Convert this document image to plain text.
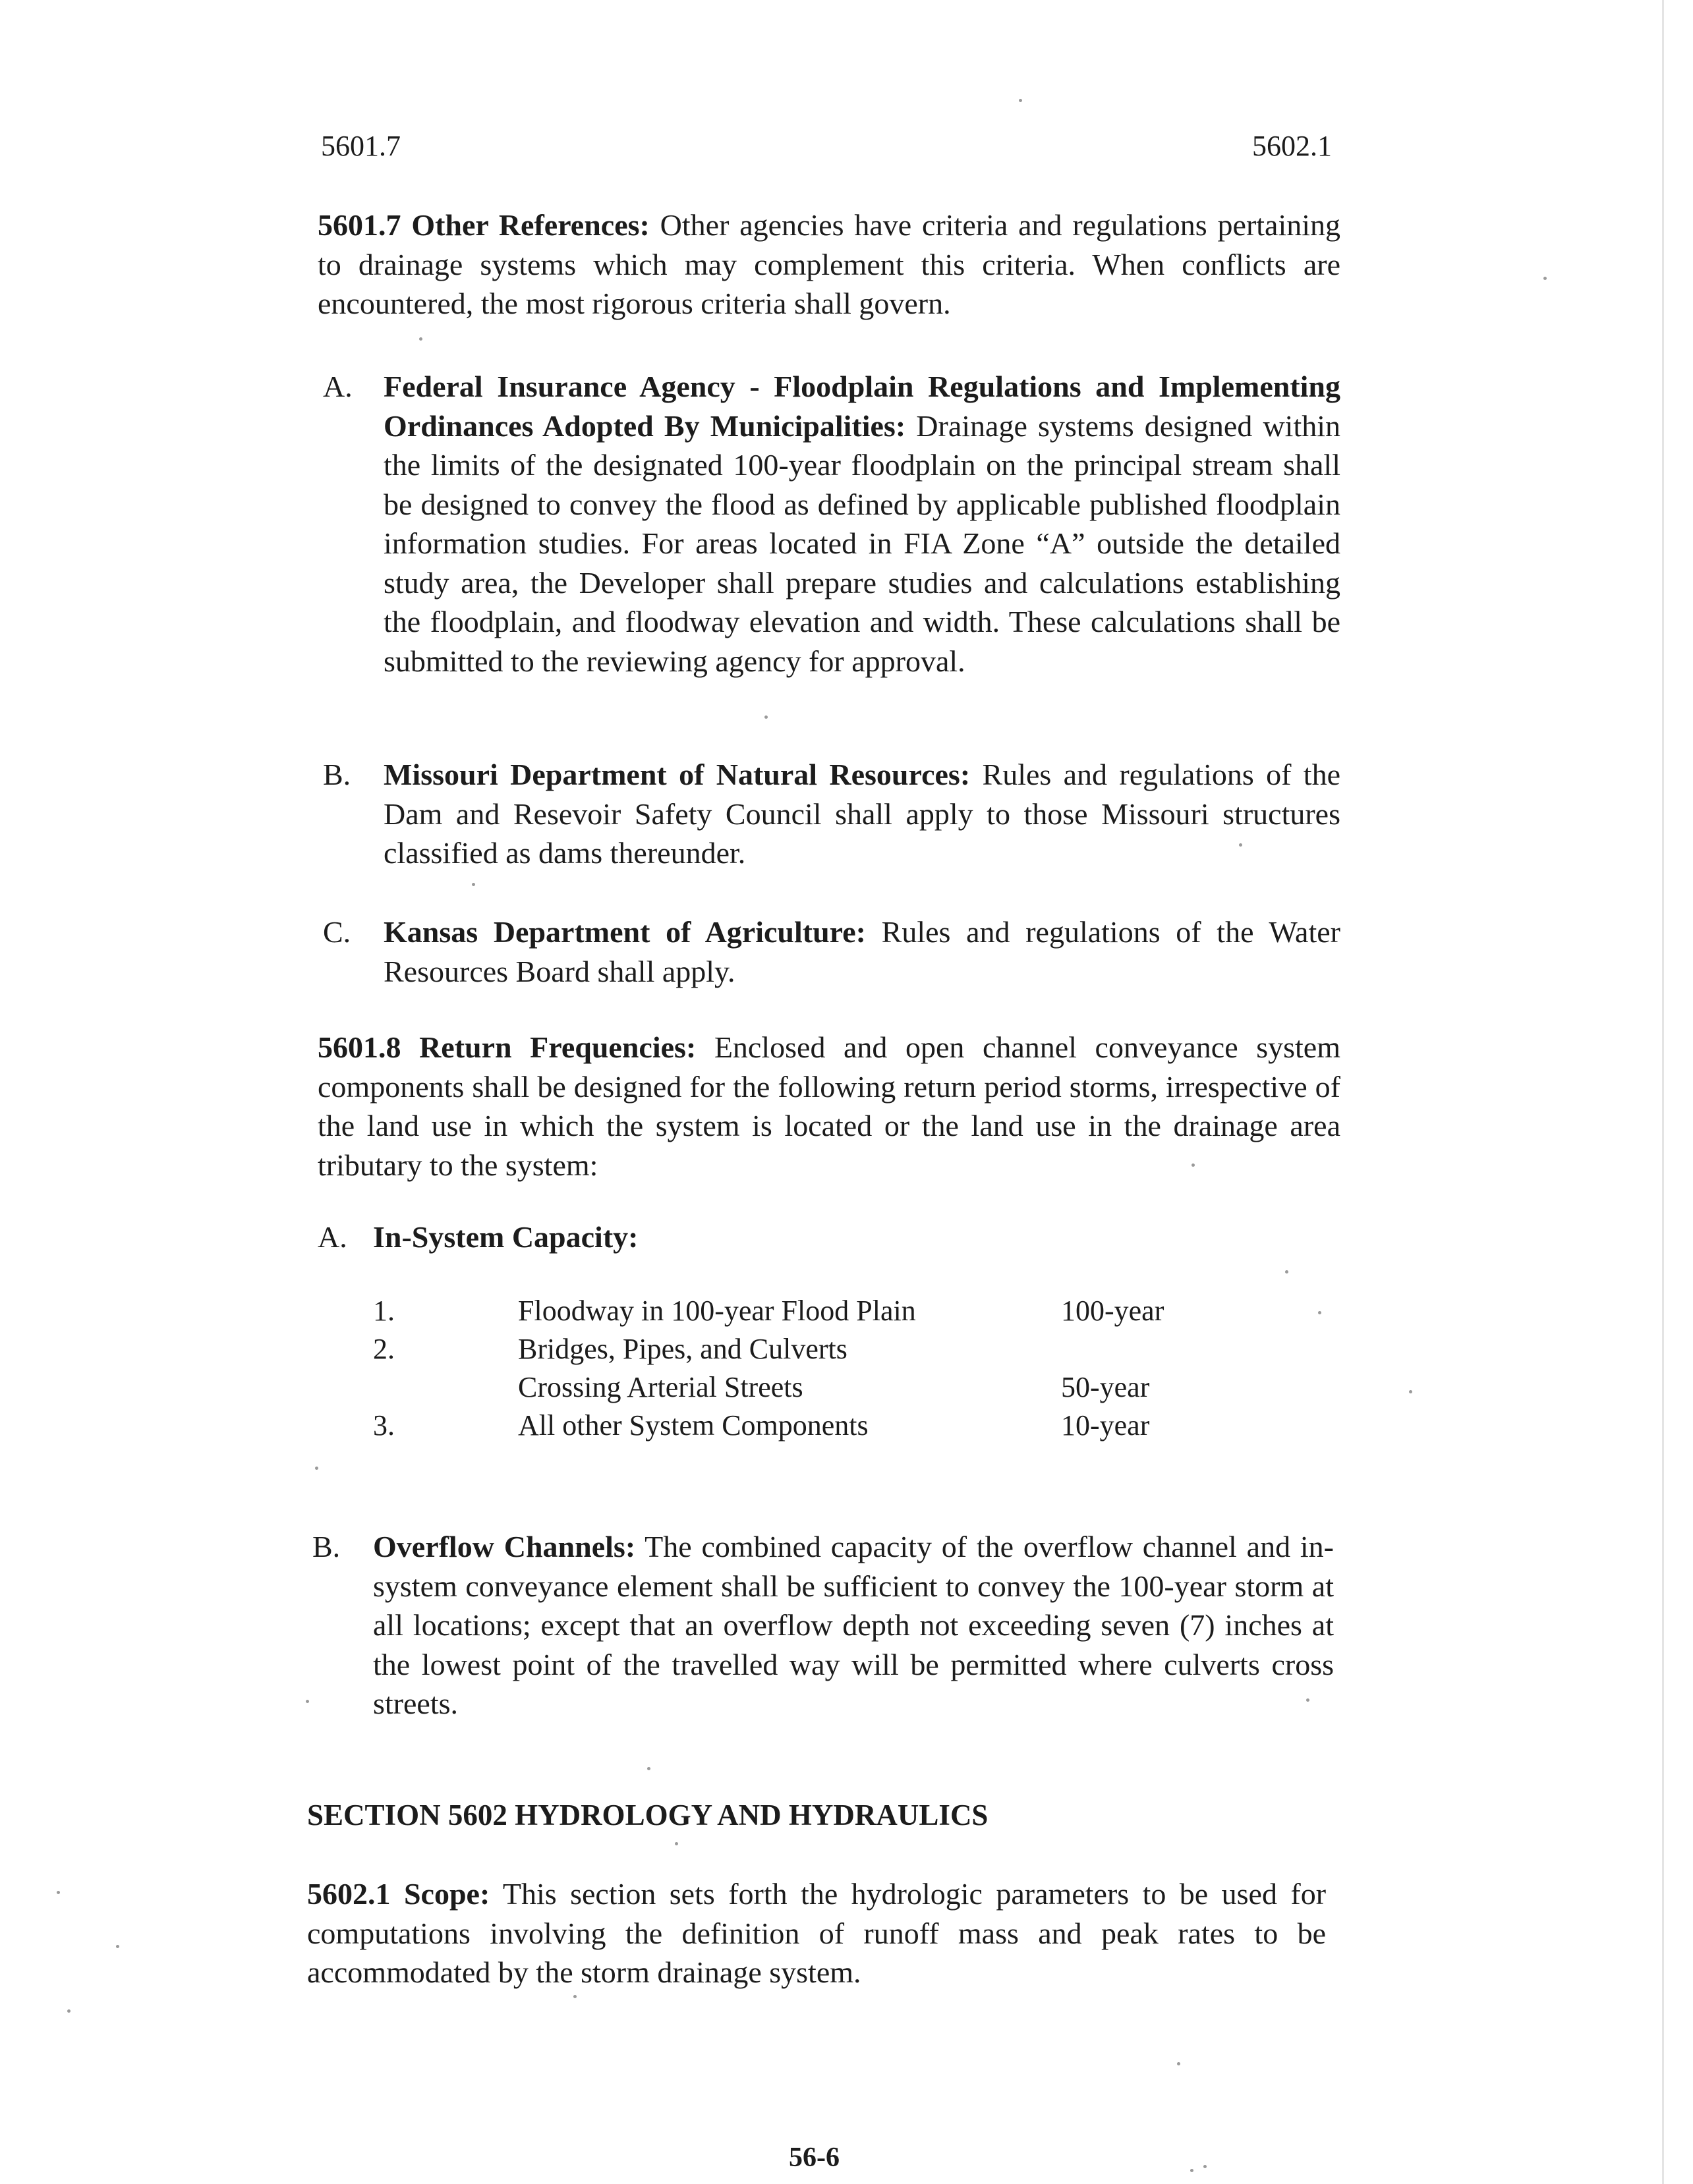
5601.7	5602.1
5601.7 Other References: Other agencies have criteria and regulations pertaining to drainage systems which may complement this criteria. When conflicts are encountered, the most rigorous criteria shall govern.
A. Federal Insurance Agency - Floodplain Regulations and Implementing Ordinances Adopted By Municipalities: Drainage systems designed within the limits of the designated 100-year floodplain on the principal stream shall be designed to convey the flood as defined by applicable published floodplain information studies. For areas located in FIA Zone “A” outside the detailed study area, the Developer shall prepare studies and calculations establishing the floodplain, and floodway elevation and width. These calculations shall be submitted to the reviewing agency for approval.
B. Missouri Department of Natural Resources: Rules and regulations of the Dam and Resevoir Safety Council shall apply to those Missouri structures classified as dams thereunder.
C. Kansas Department of Agriculture: Rules and regulations of the Water Resources Board shall apply.
5601.8 Return Frequencies: Enclosed and open channel conveyance system components shall be designed for the following return period storms, irrespective of the land use in which the system is located or the land use in the drainage area tributary to the system:
A. In-System Capacity:
1.	Floodway in 100-year Flood Plain	100-year
2.	Bridges, Pipes, and Culverts
Crossing Arterial Streets	50-year
3.	All other System Components	10-year
B. Overflow Channels: The combined capacity of the overflow channel and in-system conveyance element shall be sufficient to convey the 100-year storm at all locations; except that an overflow depth not exceeding seven (7) inches at the lowest point of the travelled way will be permitted where culverts cross streets.
SECTION 5602 HYDROLOGY AND HYDRAULICS
5602.1 Scope: This section sets forth the hydrologic parameters to be used for computations involving the definition of runoff mass and peak rates to be accommodated by the storm drainage system.
56-6
